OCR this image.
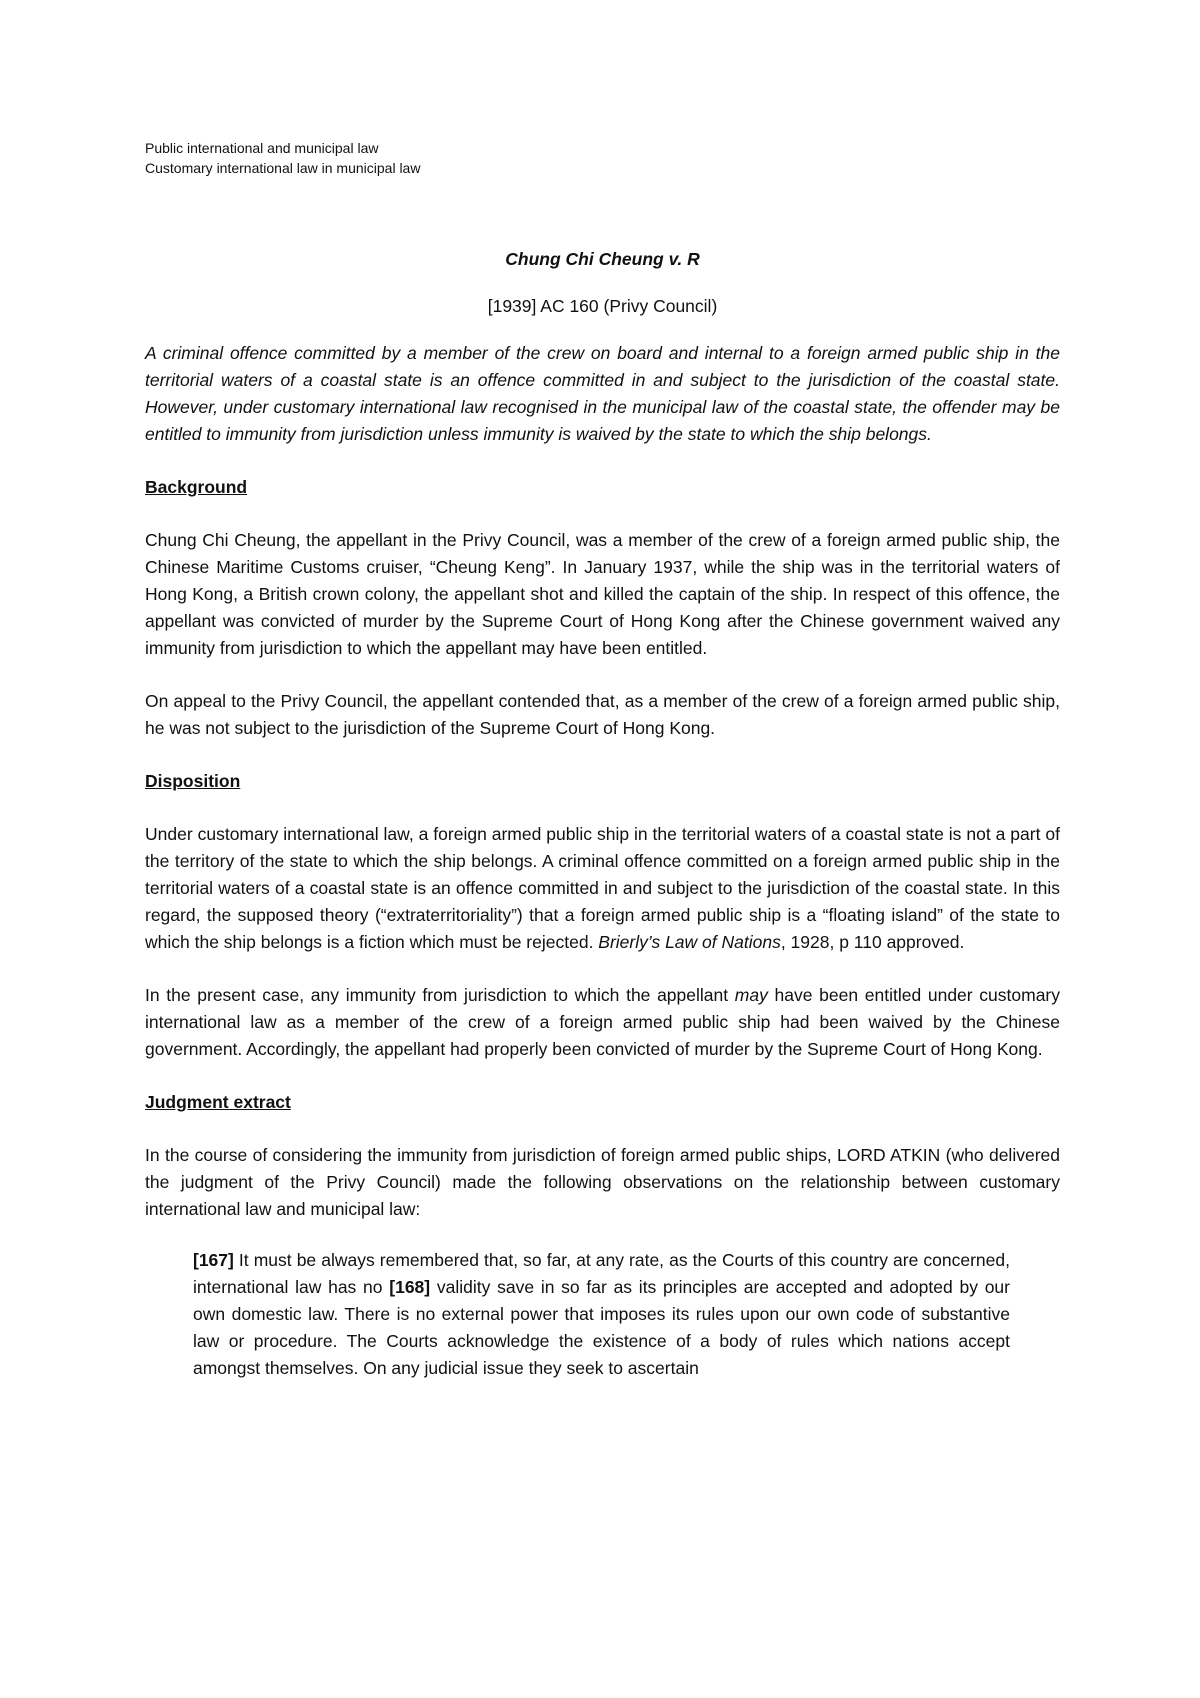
Public international and municipal law

Customary international law in municipal law

Chung Chi Cheung v. R

[1939] AC 160 (Privy Council)

A criminal offence committed by a member of the crew on board and internal to a foreign armed public ship in the territorial waters of a coastal state is an offence committed in and subject to the jurisdiction of the coastal state. However, under customary international law recognised in the municipal law of the coastal state, the offender may be entitled to immunity from jurisdiction unless immunity is waived by the state to which the ship belongs.

Background

Chung Chi Cheung, the appellant in the Privy Council, was a member of the crew of a foreign armed public ship, the Chinese Maritime Customs cruiser, “Cheung Keng”. In January 1937, while the ship was in the territorial waters of Hong Kong, a British crown colony, the appellant shot and killed the captain of the ship. In respect of this offence, the appellant was convicted of murder by the Supreme Court of Hong Kong after the Chinese government waived any immunity from jurisdiction to which the appellant may have been entitled.

On appeal to the Privy Council, the appellant contended that, as a member of the crew of a foreign armed public ship, he was not subject to the jurisdiction of the Supreme Court of Hong Kong.

Disposition

Under customary international law, a foreign armed public ship in the territorial waters of a coastal state is not a part of the territory of the state to which the ship belongs. A criminal offence committed on a foreign armed public ship in the territorial waters of a coastal state is an offence committed in and subject to the jurisdiction of the coastal state. In this regard, the supposed theory (“extraterritoriality”) that a foreign armed public ship is a “floating island” of the state to which the ship belongs is a fiction which must be rejected. Brierly’s Law of Nations, 1928, p 110 approved.

In the present case, any immunity from jurisdiction to which the appellant may have been entitled under customary international law as a member of the crew of a foreign armed public ship had been waived by the Chinese government. Accordingly, the appellant had properly been convicted of murder by the Supreme Court of Hong Kong.

Judgment extract

In the course of considering the immunity from jurisdiction of foreign armed public ships, LORD ATKIN (who delivered the judgment of the Privy Council) made the following observations on the relationship between customary international law and municipal law:

[167] It must be always remembered that, so far, at any rate, as the Courts of this country are concerned, international law has no [168] validity save in so far as its principles are accepted and adopted by our own domestic law. There is no external power that imposes its rules upon our own code of substantive law or procedure. The Courts acknowledge the existence of a body of rules which nations accept amongst themselves. On any judicial issue they seek to ascertain
